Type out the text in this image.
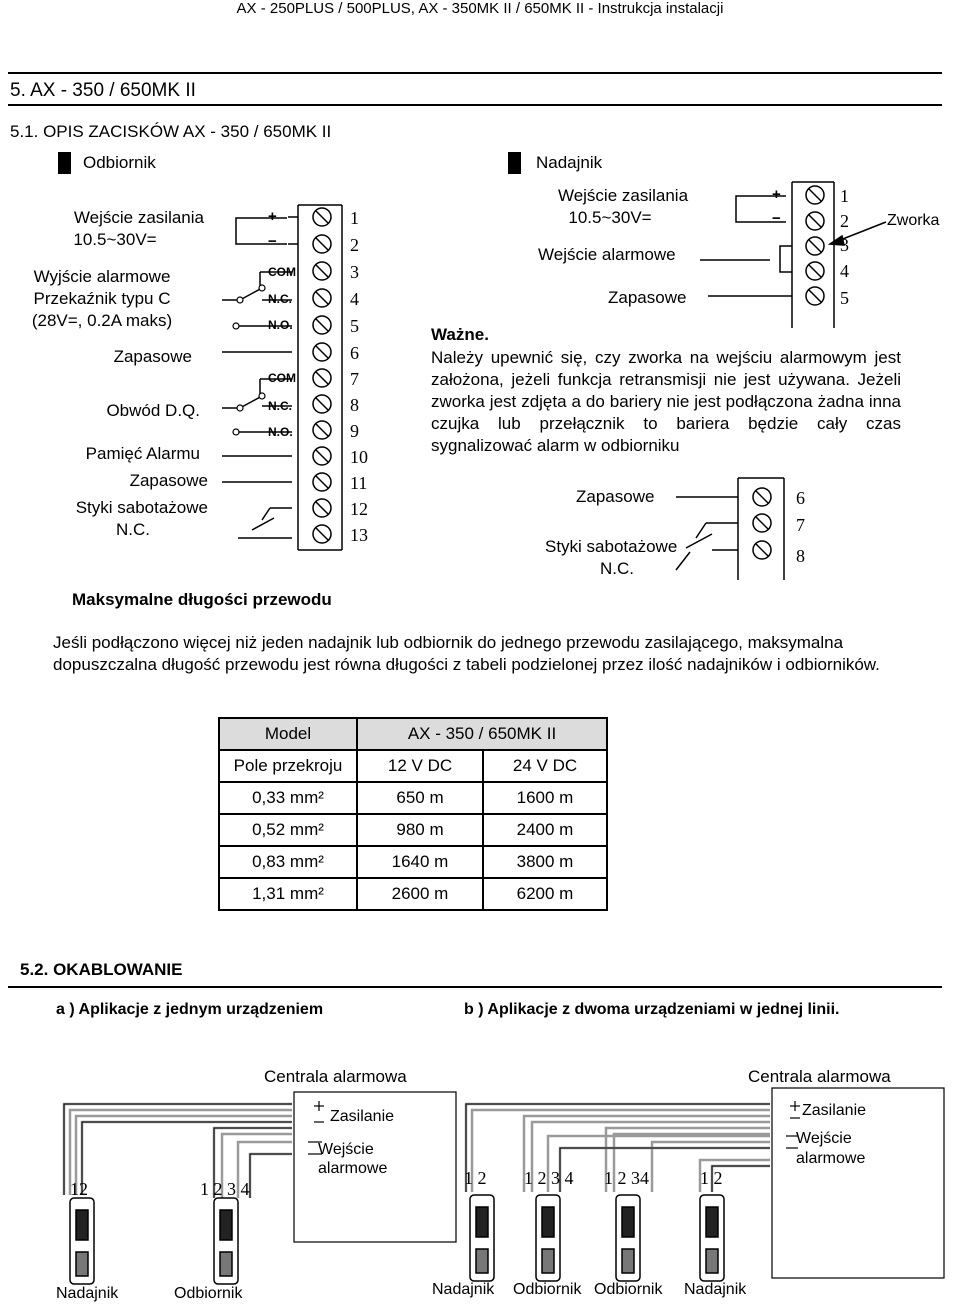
AX - 250PLUS / 500PLUS, AX - 350MK II / 650MK II - Instrukcja instalacji
5. AX - 350 / 650MK II
5.1. OPIS ZACISKÓW AX - 350 / 650MK II
Odbiornik
Wejście zasilania
10.5~30V=
Wyjście alarmowe
Przekaźnik typu C
(28V=, 0.2A maks)
Zapasowe
Obwód D.Q.
Pamięć Alarmu
Zapasowe
Styki sabotażowe
N.C.
+
−
COM
N.C.
N.O.
COM
N.C.
N.O.
1
2
3
4
5
6
7
8
9
10
11
12
13
Nadajnik
Wejście zasilania
10.5~30V=
Wejście alarmowe
Zapasowe
Zworka
+
−
1
2
3
4
5
Ważne.
Należy upewnić się, czy zworka na wejściu alarmowym jest założona, jeżeli funkcja retransmisji nie jest używana. Jeżeli zworka jest zdjęta a do bariery nie jest podłączona żadna inna czujka lub przełącznik to bariera będzie cały czas sygnalizować alarm w odbiorniku
Zapasowe
Styki sabotażowe
N.C.
6
7
8
Maksymalne długości przewodu
Jeśli podłączono więcej niż jeden nadajnik lub odbiornik do jednego przewodu zasilającego, maksymalna dopuszczalna długość przewodu jest równa długości z tabeli podzielonej przez ilość nadajników i odbiorników.
Model	AX - 350 / 650MK II	
Pole przekroju	12 V DC	24 V DC
0,33 mm²	650 m	1600 m
0,52 mm²	980 m	2400 m
0,83 mm²	1640 m	3800 m
1,31 mm²	2600 m	6200 m
5.2. OKABLOWANIE
a ) Aplikacje z jednym urządzeniem	b ) Aplikacje z dwoma urządzeniami w jednej linii.
Centrala alarmowa
Zasilanie
Wejście
alarmowe
12	1 2 3 4
Nadajnik	Odbiornik
Centrala alarmowa
Zasilanie
Wejście
alarmowe
1 2 1 2 3 4 1 2 34	1 2
Nadajnik Odbiornik Odbiornik Nadajnik
